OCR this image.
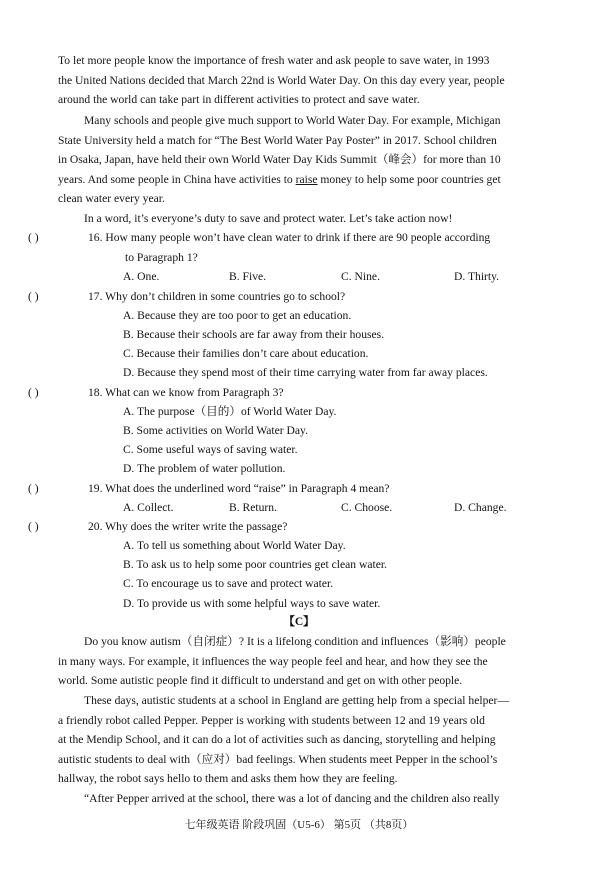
To let more people know the importance of fresh water and ask people to save water, in 1993
the United Nations decided that March 22nd is World Water Day. On this day every year, people
around the world can take part in different activities to protect and save water.
Many schools and people give much support to World Water Day. For example, Michigan
State University held a match for “The Best World Water Pay Poster” in 2017. School children
in Osaka, Japan, have held their own World Water Day Kids Summit（峰会）for more than 10
years. And some people in China have activities to raise money to help some poor countries get
clean water every year.
In a word, it’s everyone’s duty to save and protect water. Let’s take action now!
( )	16. How many people won’t have clean water to drink if there are 90 people according
to Paragraph 1?
A. One.	B. Five.	C. Nine.	D. Thirty.
( )	17. Why don’t children in some countries go to school?
A. Because they are too poor to get an education.
B. Because their schools are far away from their houses.
C. Because their families don’t care about education.
D. Because they spend most of their time carrying water from far away places.
( )	18. What can we know from Paragraph 3?
A. The purpose（目的）of World Water Day.
B. Some activities on World Water Day.
C. Some useful ways of saving water.
D. The problem of water pollution.
( )	19. What does the underlined word “raise” in Paragraph 4 mean?
A. Collect.	B. Return.	C. Choose.	D. Change.
( )	20. Why does the writer write the passage?
A. To tell us something about World Water Day.
B. To ask us to help some poor countries get clean water.
C. To encourage us to save and protect water.
D. To provide us with some helpful ways to save water.
【C】
Do you know autism（自闭症）? It is a lifelong condition and influences（影响）people
in many ways. For example, it influences the way people feel and hear, and how they see the
world. Some autistic people find it difficult to understand and get on with other people.
These days, autistic students at a school in England are getting help from a special helper—
a friendly robot called Pepper. Pepper is working with students between 12 and 19 years old
at the Mendip School, and it can do a lot of activities such as dancing, storytelling and helping
autistic students to deal with（应对）bad feelings. When students meet Pepper in the school’s
hallway, the robot says hello to them and asks them how they are feeling.
“After Pepper arrived at the school, there was a lot of dancing and the children also really
七年级英语 阶段巩固（U5-6） 第5页 （共8页）
